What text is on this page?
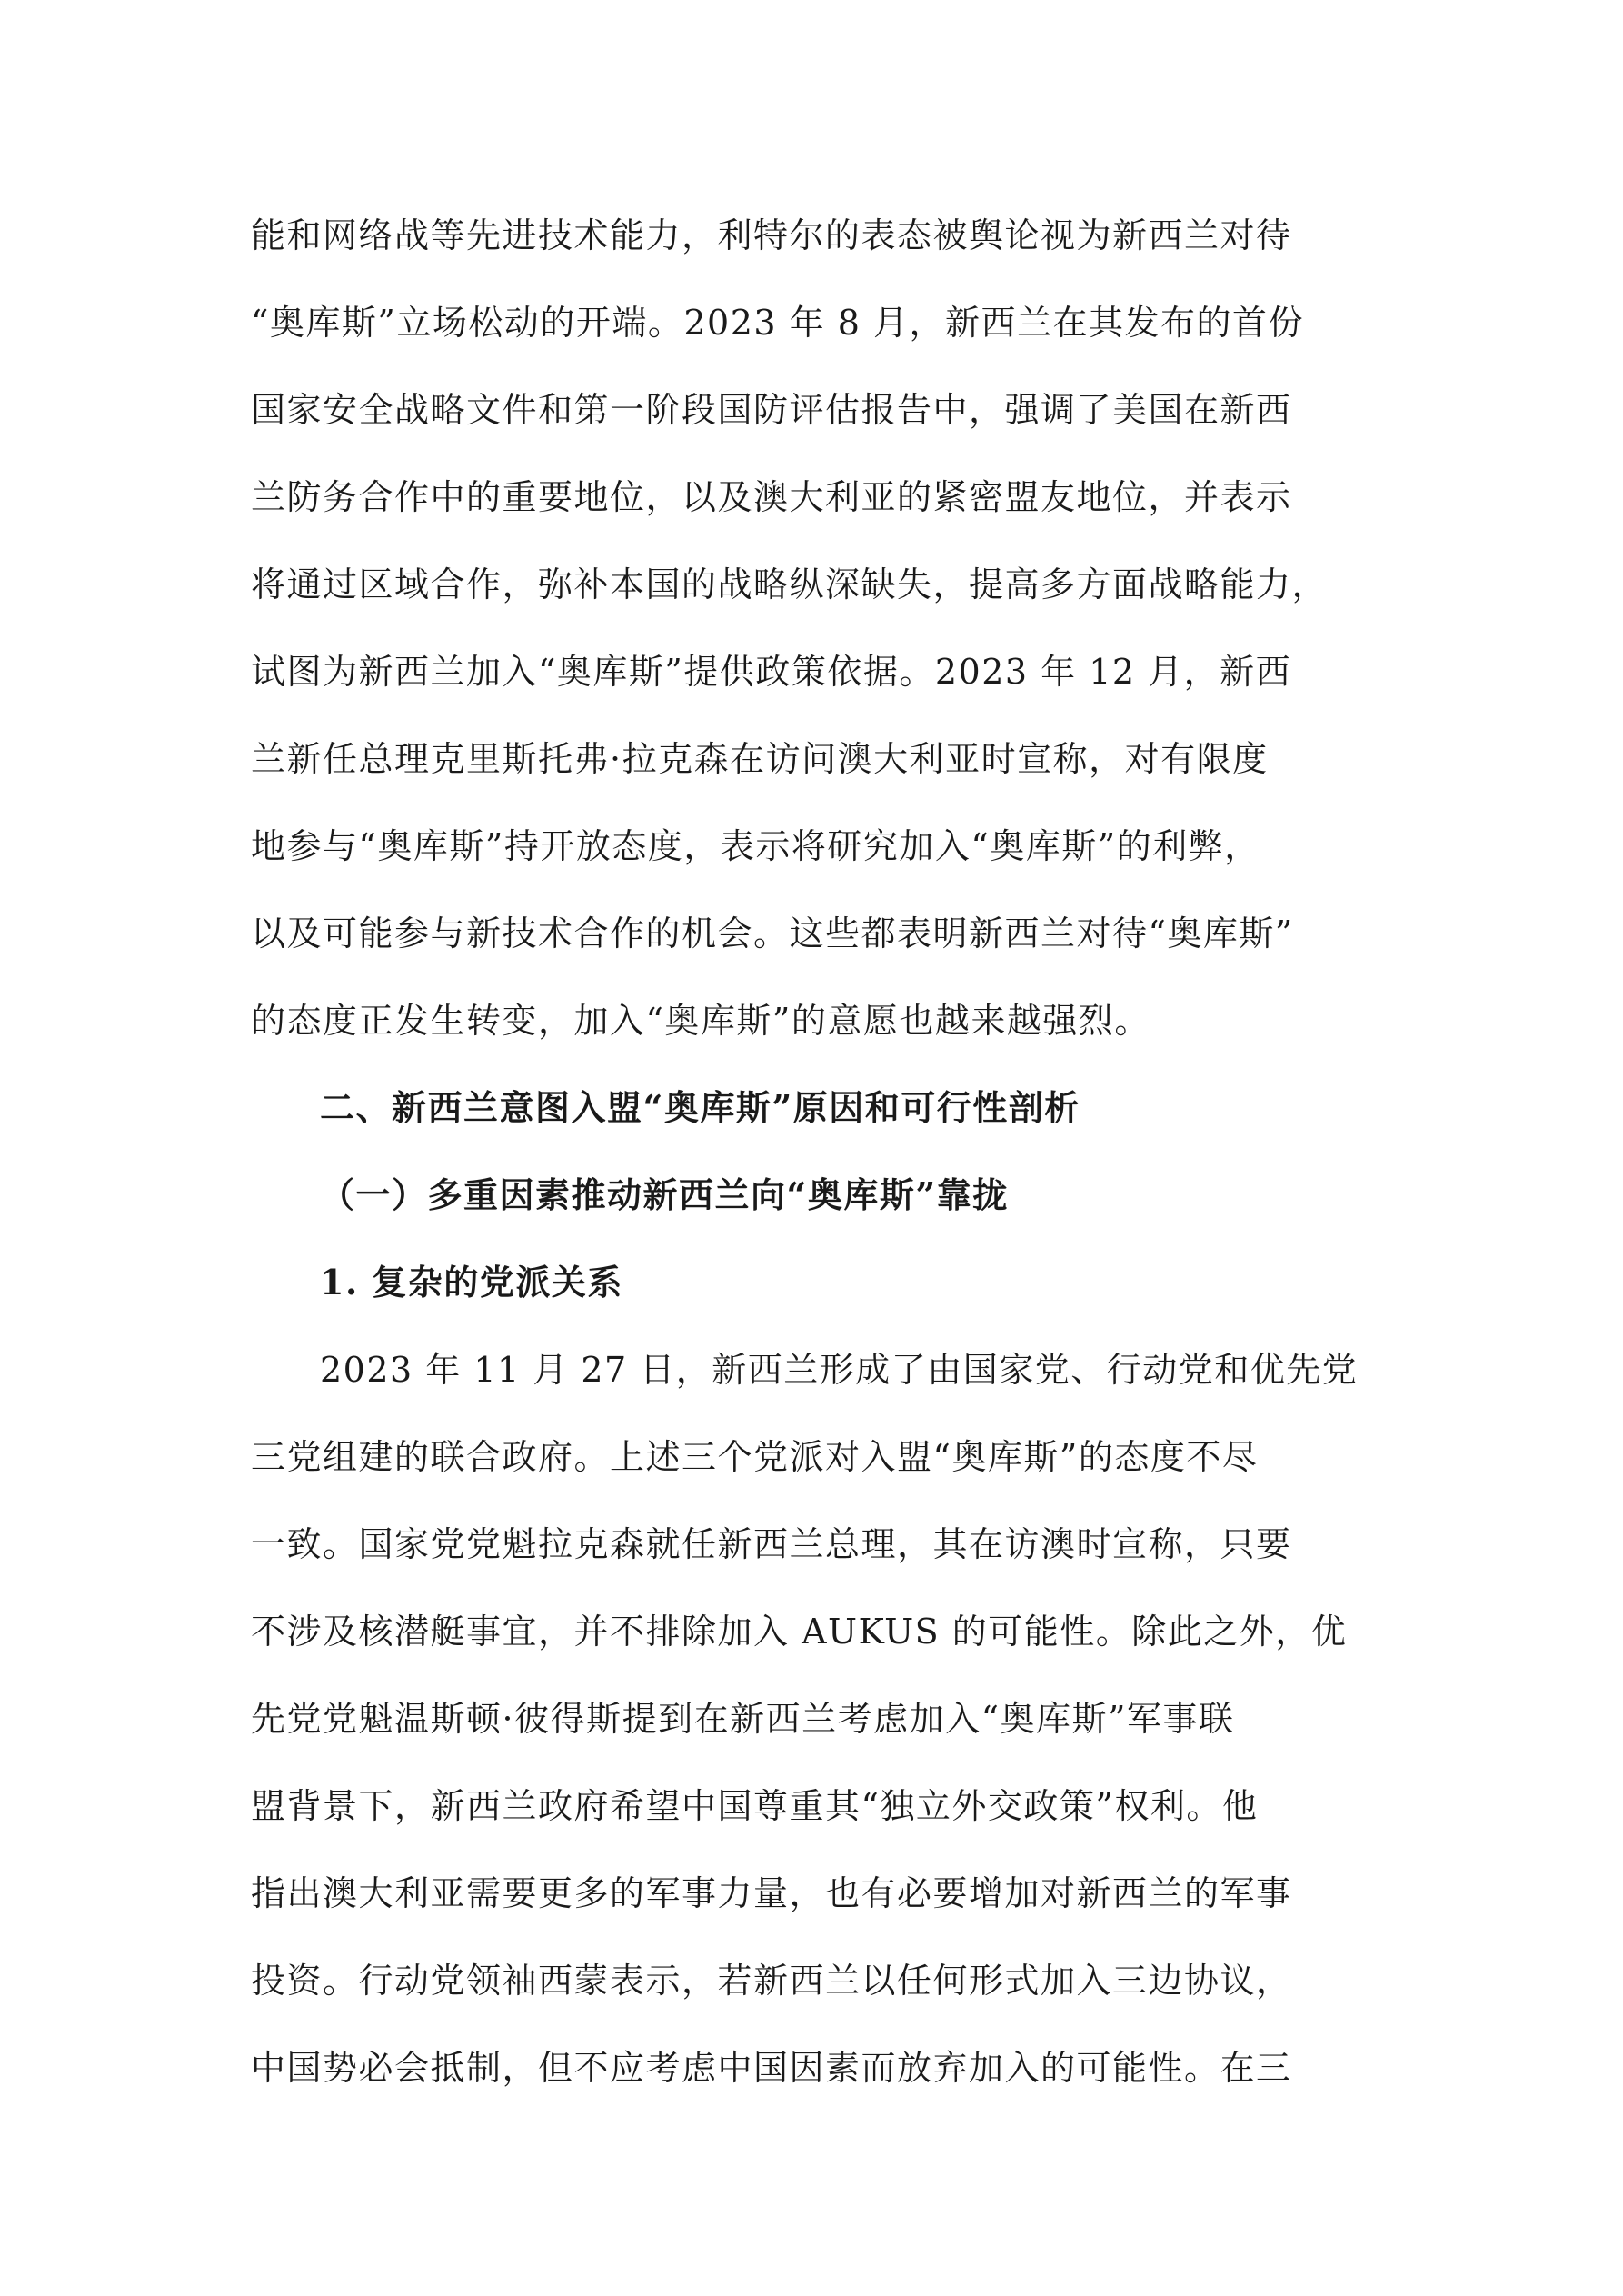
能和网络战等先进技术能力，利特尔的表态被舆论视为新西兰对待
“奥库斯”立场松动的开端。2023 年 8 月，新西兰在其发布的首份
国家安全战略文件和第一阶段国防评估报告中，强调了美国在新西
兰防务合作中的重要地位，以及澳大利亚的紧密盟友地位，并表示
将通过区域合作，弥补本国的战略纵深缺失，提高多方面战略能力，
试图为新西兰加入“奥库斯”提供政策依据。2023 年 12 月，新西
兰新任总理克里斯托弗·拉克森在访问澳大利亚时宣称，对有限度
地参与“奥库斯”持开放态度，表示将研究加入“奥库斯”的利弊，
以及可能参与新技术合作的机会。这些都表明新西兰对待“奥库斯”
的态度正发生转变，加入“奥库斯”的意愿也越来越强烈。
二、新西兰意图入盟“奥库斯”原因和可行性剖析
（一）多重因素推动新西兰向“奥库斯”靠拢
1. 复杂的党派关系
2023 年 11 月 27 日，新西兰形成了由国家党、行动党和优先党
三党组建的联合政府。上述三个党派对入盟“奥库斯”的态度不尽
一致。国家党党魁拉克森就任新西兰总理，其在访澳时宣称，只要
不涉及核潜艇事宜，并不排除加入 AUKUS 的可能性。除此之外，优
先党党魁温斯顿·彼得斯提到在新西兰考虑加入“奥库斯”军事联
盟背景下，新西兰政府希望中国尊重其“独立外交政策”权利。他
指出澳大利亚需要更多的军事力量，也有必要增加对新西兰的军事
投资。行动党领袖西蒙表示，若新西兰以任何形式加入三边协议，
中国势必会抵制，但不应考虑中国因素而放弃加入的可能性。在三
